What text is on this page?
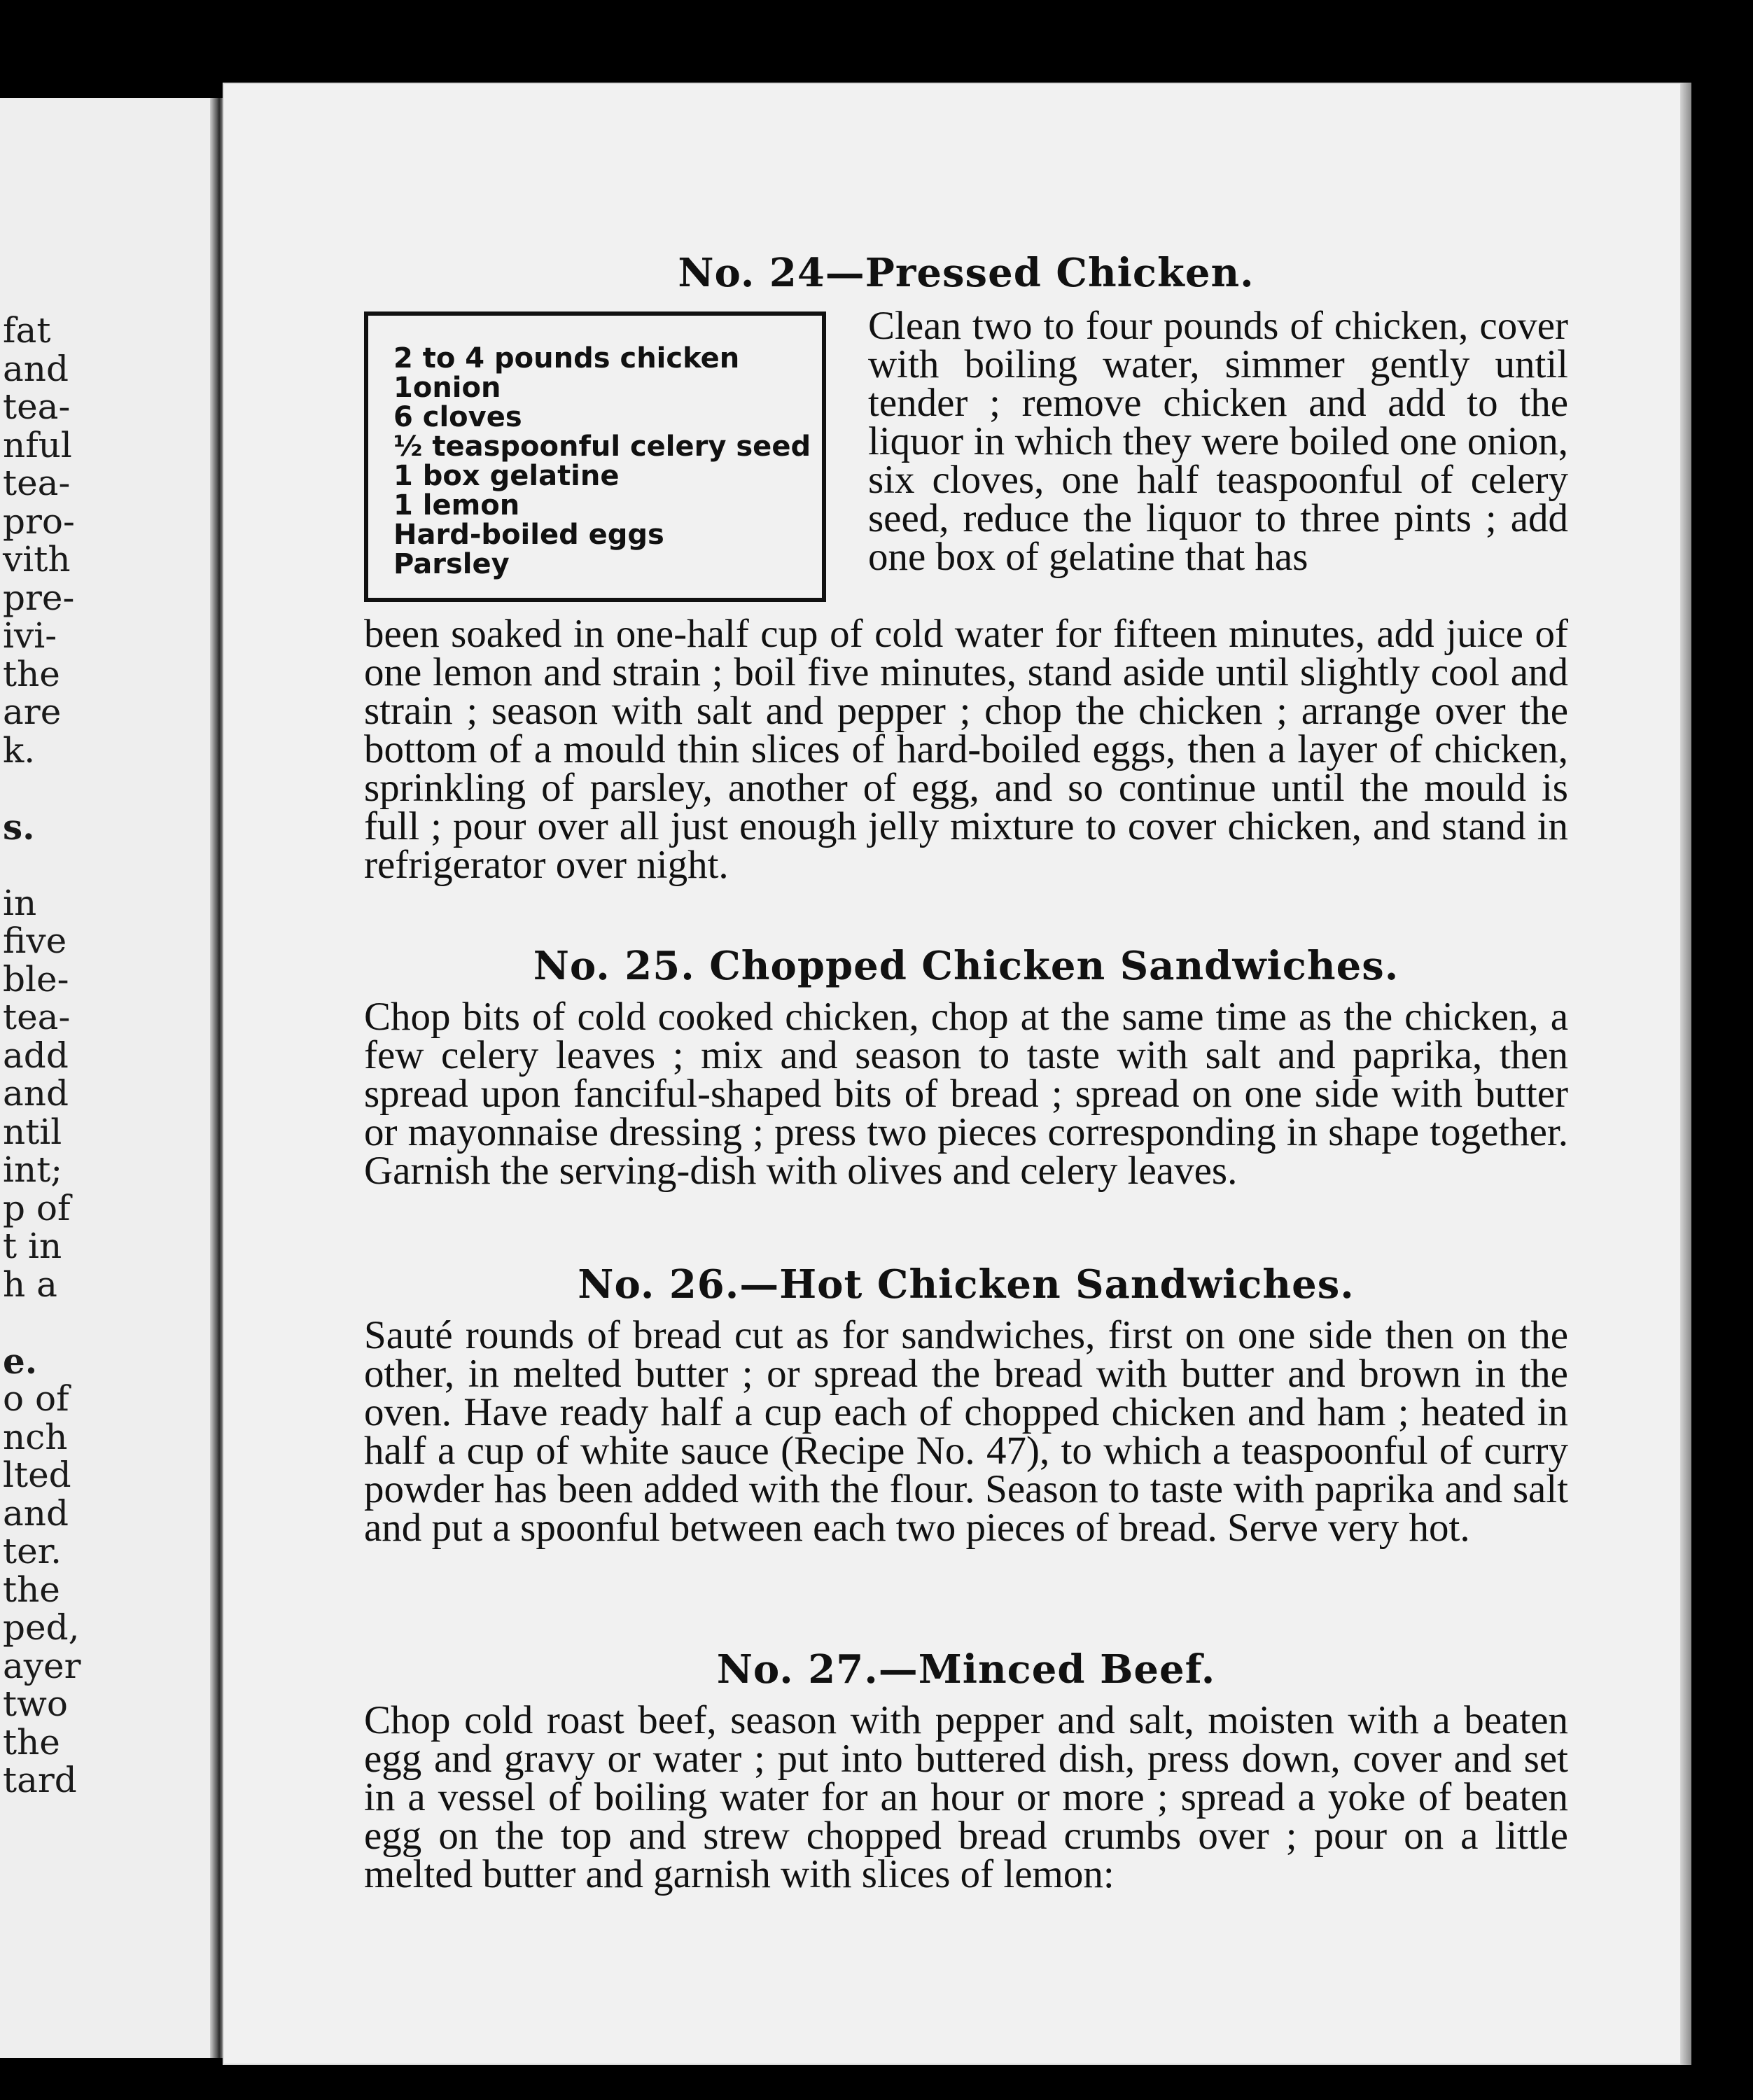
fat
and
tea-
nful
tea-
pro-
vith
pre-
ivi-
the
are
k.
s.
in
five
ble-
tea-
add
and
ntil
int;
p of
t in
h a
e.
o of
nch
lted
and
ter.
the
ped,
ayer
two
the
tard
No. 24—Pressed Chicken.
2 to 4 pounds chicken
1onion
6 cloves
½ teaspoonful celery seed
1 box gelatine
1 lemon
Hard-boiled eggs
Parsley

Clean two to four pounds of chicken, cover with boiling water, simmer gently until tender ; remove chicken and add to the liquor in which they were boiled one onion, six cloves, one half teaspoonful of celery seed, reduce the liquor to three pints ; add one box of gelatine that has

been soaked in one-half cup of cold water for fifteen minutes, add juice of one lemon and strain ; boil five minutes, stand aside until slightly cool and strain ; season with salt and pepper ; chop the chicken ; arrange over the bottom of a mould thin slices of hard-boiled eggs, then a layer of chicken, sprinkling of parsley, another of egg, and so continue until the mould is full ; pour over all just enough jelly mixture to cover chicken, and stand in refrigerator over night.

No. 25. Chopped Chicken Sandwiches.

Chop bits of cold cooked chicken, chop at the same time as the chicken, a few celery leaves ; mix and season to taste with salt and paprika, then spread upon fanciful-shaped bits of bread ; spread on one side with butter or mayonnaise dressing ; press two pieces corresponding in shape together. Garnish the serving-dish with olives and celery leaves.

No. 26.—Hot Chicken Sandwiches.

Sauté rounds of bread cut as for sandwiches, first on one side then on the other, in melted butter ; or spread the bread with butter and brown in the oven. Have ready half a cup each of chopped chicken and ham ; heated in half a cup of white sauce (Recipe No. 47), to which a teaspoonful of curry powder has been added with the flour. Season to taste with paprika and salt and put a spoonful between each two pieces of bread. Serve very hot.

No. 27.—Minced Beef.

Chop cold roast beef, season with pepper and salt, moisten with a beaten egg and gravy or water ; put into buttered dish, press down, cover and set in a vessel of boiling water for an hour or more ; spread a yoke of beaten egg on the top and strew chopped bread crumbs over ; pour on a little melted butter and garnish with slices of lemon:
